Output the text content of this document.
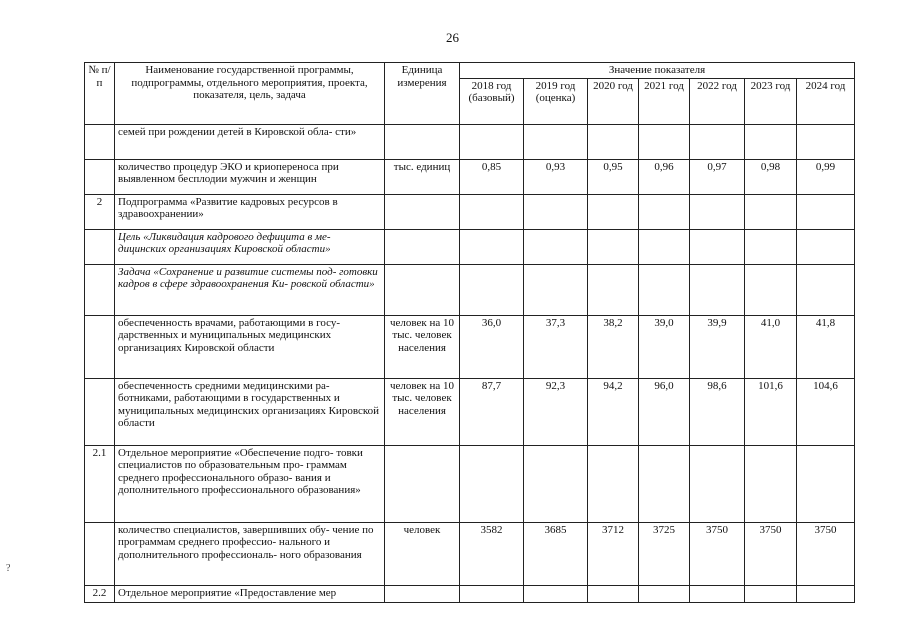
26
№ п/п	Наименование государственной программы, подпрограммы, отдельного мероприятия, проекта, показателя, цель, задача	Единица измерения	Значение показателя						
			2018 год (базовый)	2019 год (оценка)	2020 год	2021 год	2022 год	2023 год	2024 год
	семей при рождении детей в Кировской обла- сти»								
	количество процедур ЭКО и криопереноса при выявленном бесплодии мужчин и женщин	тыс. единиц	0,85	0,93	0,95	0,96	0,97	0,98	0,99
2	Подпрограмма «Развитие кадровых ресурсов в здравоохранении»								
	Цель «Ликвидация кадрового дефицита в ме- дицинских организациях Кировской области»								
	Задача «Сохранение и развитие системы под- готовки кадров в сфере здравоохранения Ки- ровской области»								
	обеспеченность врачами, работающими в госу- дарственных и муниципальных медицинских организациях Кировской области	человек на 10 тыс. человек населения	36,0	37,3	38,2	39,0	39,9	41,0	41,8
	обеспеченность средними медицинскими ра- ботниками, работающими в государственных и муниципальных медицинских организациях Кировской области	человек на 10 тыс. человек населения	87,7	92,3	94,2	96,0	98,6	101,6	104,6
2.1	Отдельное мероприятие «Обеспечение подго- товки специалистов по образовательным про- граммам среднего профессионального образо- вания и дополнительного профессионального образования»								
	количество специалистов, завершивших обу- чение по программам среднего профессио- нального и дополнительного профессиональ- ного образования	человек	3582	3685	3712	3725	3750	3750	3750
2.2	Отдельное мероприятие «Предоставление мер								
?
